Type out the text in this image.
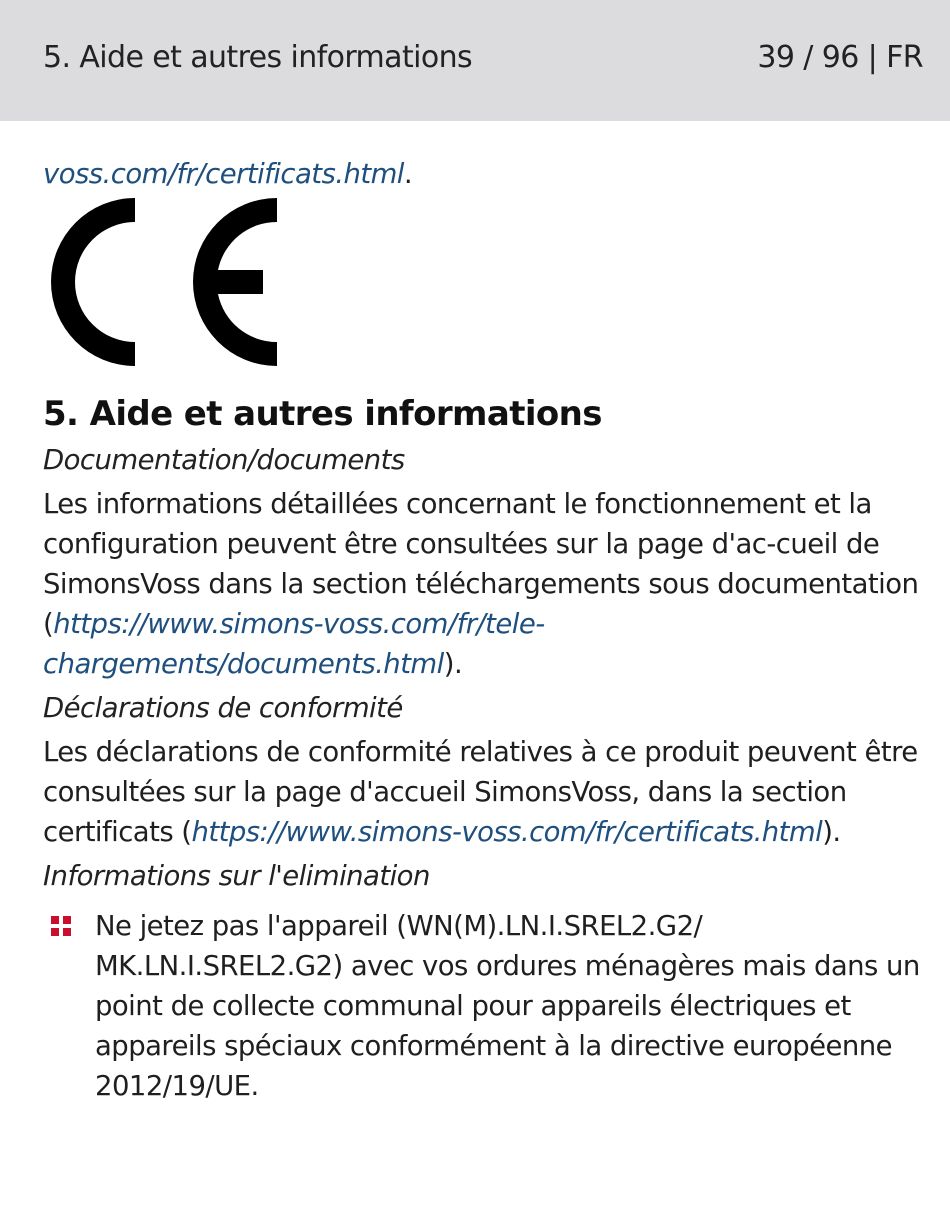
5. Aide et autres informations	39 / 96 | FR

voss.com/fr/certificats.html.

5. Aide et autres informations

Documentation/documents

Les informations détaillées concernant le fonctionnement et la configuration peuvent être consultées sur la page d'ac-cueil de SimonsVoss dans la section téléchargements sous documentation (https://www.simons-voss.com/fr/tele-chargements/documents.html).

Déclarations de conformité

Les déclarations de conformité relatives à ce produit peuvent être consultées sur la page d'accueil SimonsVoss, dans la section certificats (https://www.simons-voss.com/fr/certificats.html).

Informations sur l'elimination

Ne jetez pas l'appareil (WN(M).LN.I.SREL2.G2/ MK.LN.I.SREL2.G2) avec vos ordures ménagères mais dans un point de collecte communal pour appareils électriques et appareils spéciaux conformément à la directive européenne 2012/19/UE.
